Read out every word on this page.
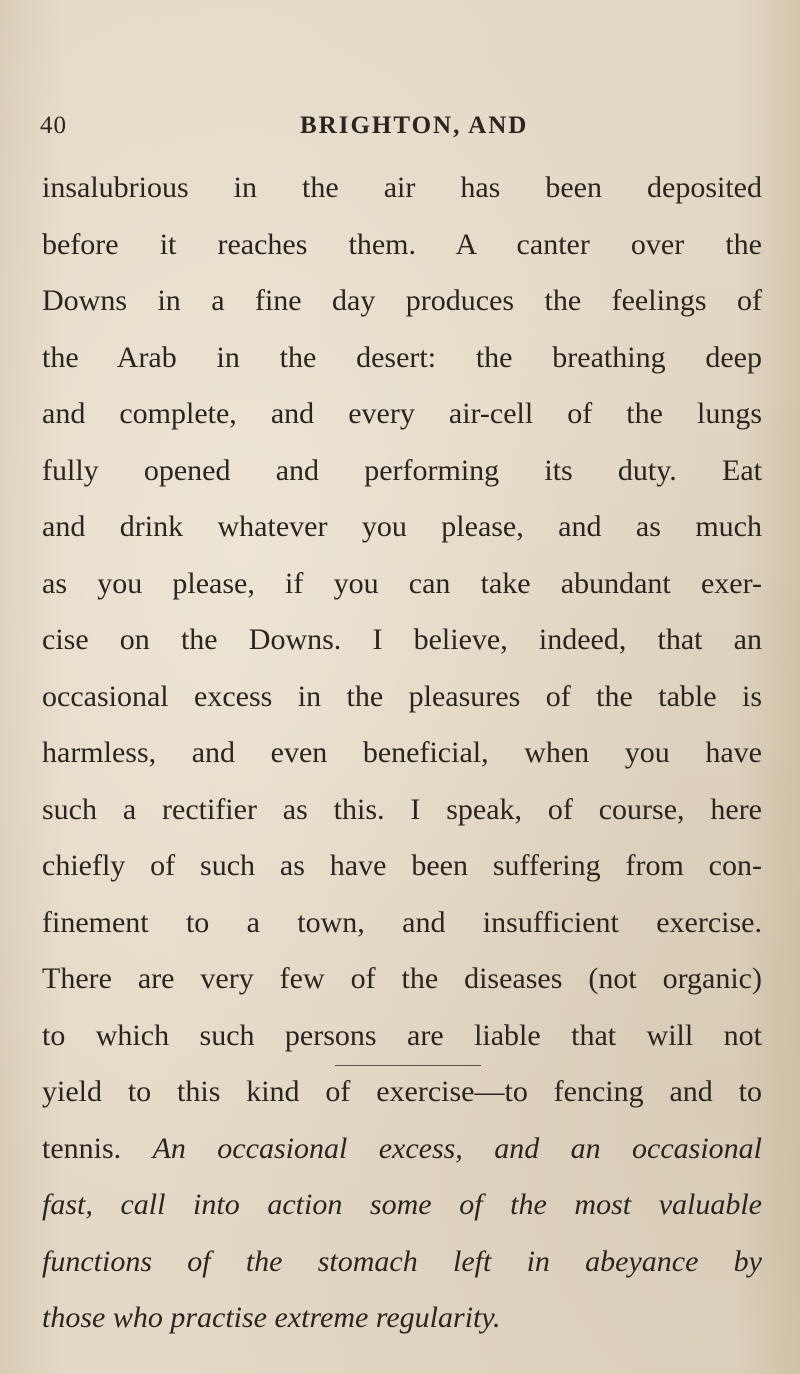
40	BRIGHTON, AND
insalubrious in the air has been deposited
before it reaches them. A canter over the
Downs in a fine day produces the feelings of
the Arab in the desert: the breathing deep
and complete, and every air-cell of the lungs
fully opened and performing its duty. Eat
and drink whatever you please, and as much
as you please, if you can take abundant exer-
cise on the Downs. I believe, indeed, that an
occasional excess in the pleasures of the table is
harmless, and even beneficial, when you have
such a rectifier as this. I speak, of course, here
chiefly of such as have been suffering from con-
finement to a town, and insufficient exercise.
There are very few of the diseases (not organic)
to which such persons are liable that will not
yield to this kind of exercise—to fencing and to
tennis. An occasional excess, and an occasional
fast, call into action some of the most valuable
functions of the stomach left in abeyance by
those who practise extreme regularity.
